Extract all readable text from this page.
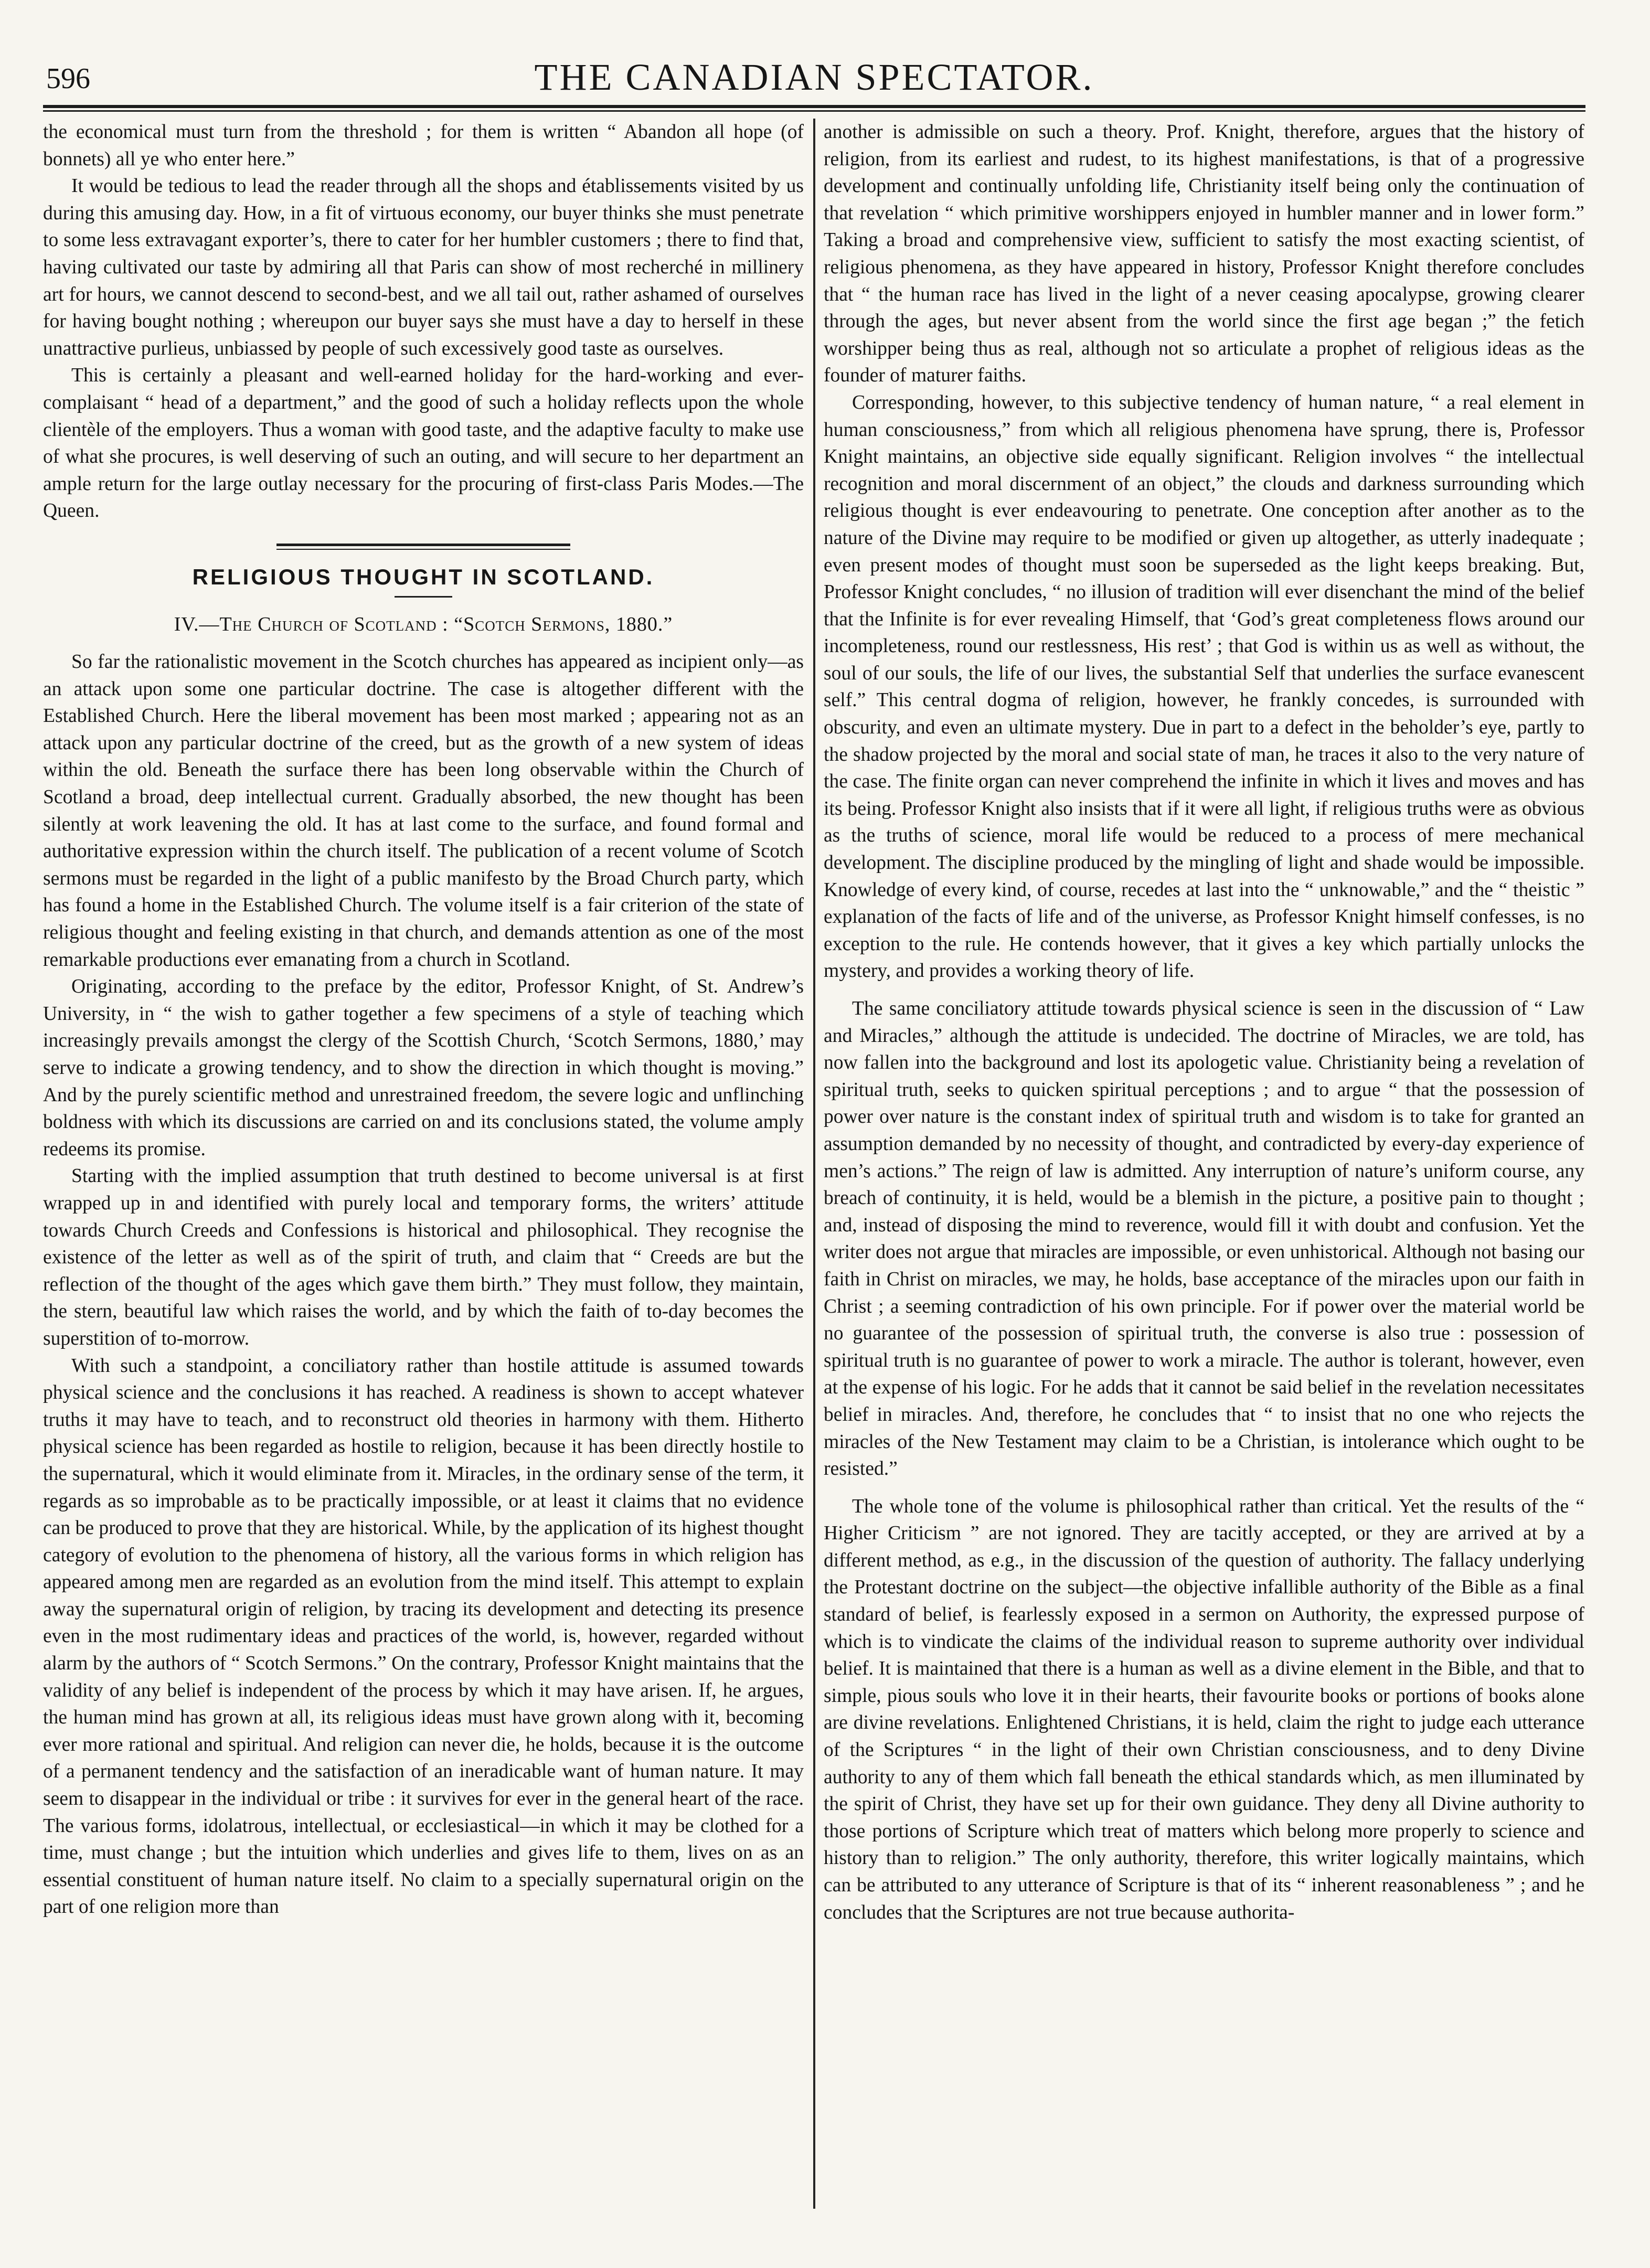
596	THE CANADIAN SPECTATOR.

the economical must turn from the threshold ; for them is written “ Abandon all hope (of bonnets) all ye who enter here.”

It would be tedious to lead the reader through all the shops and établissements visited by us during this amusing day. How, in a fit of virtuous economy, our buyer thinks she must penetrate to some less extravagant exporter’s, there to cater for her humbler customers ; there to find that, having cultivated our taste by admiring all that Paris can show of most recherché in millinery art for hours, we cannot descend to second-best, and we all tail out, rather ashamed of ourselves for having bought nothing ; whereupon our buyer says she must have a day to herself in these unattractive purlieus, unbiassed by people of such excessively good taste as ourselves.

This is certainly a pleasant and well-earned holiday for the hard-working and ever-complaisant “ head of a department,” and the good of such a holiday reflects upon the whole clientèle of the employers. Thus a woman with good taste, and the adaptive faculty to make use of what she procures, is well deserving of such an outing, and will secure to her department an ample return for the large outlay necessary for the procuring of first-class Paris Modes.—The Queen.

RELIGIOUS THOUGHT IN SCOTLAND.
IV.—The Church of Scotland : “Scotch Sermons, 1880.”

So far the rationalistic movement in the Scotch churches has appeared as incipient only—as an attack upon some one particular doctrine. The case is altogether different with the Established Church. Here the liberal movement has been most marked ; appearing not as an attack upon any particular doctrine of the creed, but as the growth of a new system of ideas within the old. Beneath the surface there has been long observable within the Church of Scotland a broad, deep intellectual current. Gradually absorbed, the new thought has been silently at work leavening the old. It has at last come to the surface, and found formal and authoritative expression within the church itself. The publication of a recent volume of Scotch sermons must be regarded in the light of a public manifesto by the Broad Church party, which has found a home in the Established Church. The volume itself is a fair criterion of the state of religious thought and feeling existing in that church, and demands attention as one of the most remarkable productions ever emanating from a church in Scotland.

Originating, according to the preface by the editor, Professor Knight, of St. Andrew’s University, in “ the wish to gather together a few specimens of a style of teaching which increasingly prevails amongst the clergy of the Scottish Church, ‘Scotch Sermons, 1880,’ may serve to indicate a growing tendency, and to show the direction in which thought is moving.” And by the purely scientific method and unrestrained freedom, the severe logic and unflinching boldness with which its discussions are carried on and its conclusions stated, the volume amply redeems its promise.

Starting with the implied assumption that truth destined to become universal is at first wrapped up in and identified with purely local and temporary forms, the writers’ attitude towards Church Creeds and Confessions is historical and philosophical. They recognise the existence of the letter as well as of the spirit of truth, and claim that “ Creeds are but the reflection of the thought of the ages which gave them birth.” They must follow, they maintain, the stern, beautiful law which raises the world, and by which the faith of to-day becomes the superstition of to-morrow.

With such a standpoint, a conciliatory rather than hostile attitude is assumed towards physical science and the conclusions it has reached. A readiness is shown to accept whatever truths it may have to teach, and to reconstruct old theories in harmony with them. Hitherto physical science has been regarded as hostile to religion, because it has been directly hostile to the supernatural, which it would eliminate from it. Miracles, in the ordinary sense of the term, it regards as so improbable as to be practically impossible, or at least it claims that no evidence can be produced to prove that they are historical. While, by the application of its highest thought category of evolution to the phenomena of history, all the various forms in which religion has appeared among men are regarded as an evolution from the mind itself. This attempt to explain away the supernatural origin of religion, by tracing its development and detecting its presence even in the most rudimentary ideas and practices of the world, is, however, regarded without alarm by the authors of “ Scotch Sermons.” On the contrary, Professor Knight maintains that the validity of any belief is independent of the process by which it may have arisen. If, he argues, the human mind has grown at all, its religious ideas must have grown along with it, becoming ever more rational and spiritual. And religion can never die, he holds, because it is the outcome of a permanent tendency and the satisfaction of an ineradicable want of human nature. It may seem to disappear in the individual or tribe : it survives for ever in the general heart of the race. The various forms, idolatrous, intellectual, or ecclesiastical—in which it may be clothed for a time, must change ; but the intuition which underlies and gives life to them, lives on as an essential constituent of human nature itself. No claim to a specially supernatural origin on the part of one religion more than

another is admissible on such a theory. Prof. Knight, therefore, argues that the history of religion, from its earliest and rudest, to its highest manifestations, is that of a progressive development and continually unfolding life, Christianity itself being only the continuation of that revelation “ which primitive worshippers enjoyed in humbler manner and in lower form.” Taking a broad and comprehensive view, sufficient to satisfy the most exacting scientist, of religious phenomena, as they have appeared in history, Professor Knight therefore concludes that “ the human race has lived in the light of a never ceasing apocalypse, growing clearer through the ages, but never absent from the world since the first age began ;” the fetich worshipper being thus as real, although not so articulate a prophet of religious ideas as the founder of maturer faiths.

Corresponding, however, to this subjective tendency of human nature, “ a real element in human consciousness,” from which all religious phenomena have sprung, there is, Professor Knight maintains, an objective side equally significant. Religion involves “ the intellectual recognition and moral discernment of an object,” the clouds and darkness surrounding which religious thought is ever endeavouring to penetrate. One conception after another as to the nature of the Divine may require to be modified or given up altogether, as utterly inadequate ; even present modes of thought must soon be superseded as the light keeps breaking. But, Professor Knight concludes, “ no illusion of tradition will ever disenchant the mind of the belief that the Infinite is for ever revealing Himself, that ‘God’s great completeness flows around our incompleteness, round our restlessness, His rest’ ; that God is within us as well as without, the soul of our souls, the life of our lives, the substantial Self that underlies the surface evanescent self.” This central dogma of religion, however, he frankly concedes, is surrounded with obscurity, and even an ultimate mystery. Due in part to a defect in the beholder’s eye, partly to the shadow projected by the moral and social state of man, he traces it also to the very nature of the case. The finite organ can never comprehend the infinite in which it lives and moves and has its being. Professor Knight also insists that if it were all light, if religious truths were as obvious as the truths of science, moral life would be reduced to a process of mere mechanical development. The discipline produced by the mingling of light and shade would be impossible. Knowledge of every kind, of course, recedes at last into the “ unknowable,” and the “ theistic ” explanation of the facts of life and of the universe, as Professor Knight himself confesses, is no exception to the rule. He contends however, that it gives a key which partially unlocks the mystery, and provides a working theory of life.

The same conciliatory attitude towards physical science is seen in the discussion of “ Law and Miracles,” although the attitude is undecided. The doctrine of Miracles, we are told, has now fallen into the background and lost its apologetic value. Christianity being a revelation of spiritual truth, seeks to quicken spiritual perceptions ; and to argue “ that the possession of power over nature is the constant index of spiritual truth and wisdom is to take for granted an assumption demanded by no necessity of thought, and contradicted by every-day experience of men’s actions.” The reign of law is admitted. Any interruption of nature’s uniform course, any breach of continuity, it is held, would be a blemish in the picture, a positive pain to thought ; and, instead of disposing the mind to reverence, would fill it with doubt and confusion. Yet the writer does not argue that miracles are impossible, or even unhistorical. Although not basing our faith in Christ on miracles, we may, he holds, base acceptance of the miracles upon our faith in Christ ; a seeming contradiction of his own principle. For if power over the material world be no guarantee of the possession of spiritual truth, the converse is also true : possession of spiritual truth is no guarantee of power to work a miracle. The author is tolerant, however, even at the expense of his logic. For he adds that it cannot be said belief in the revelation necessitates belief in miracles. And, therefore, he concludes that “ to insist that no one who rejects the miracles of the New Testament may claim to be a Christian, is intolerance which ought to be resisted.”

The whole tone of the volume is philosophical rather than critical. Yet the results of the “ Higher Criticism ” are not ignored. They are tacitly accepted, or they are arrived at by a different method, as e.g., in the discussion of the question of authority. The fallacy underlying the Protestant doctrine on the subject—the objective infallible authority of the Bible as a final standard of belief, is fearlessly exposed in a sermon on Authority, the expressed purpose of which is to vindicate the claims of the individual reason to supreme authority over individual belief. It is maintained that there is a human as well as a divine element in the Bible, and that to simple, pious souls who love it in their hearts, their favourite books or portions of books alone are divine revelations. Enlightened Christians, it is held, claim the right to judge each utterance of the Scriptures “ in the light of their own Christian consciousness, and to deny Divine authority to any of them which fall beneath the ethical standards which, as men illuminated by the spirit of Christ, they have set up for their own guidance. They deny all Divine authority to those portions of Scripture which treat of matters which belong more properly to science and history than to religion.” The only authority, therefore, this writer logically maintains, which can be attributed to any utterance of Scripture is that of its “ inherent reasonableness ” ; and he concludes that the Scriptures are not true because authorita-
